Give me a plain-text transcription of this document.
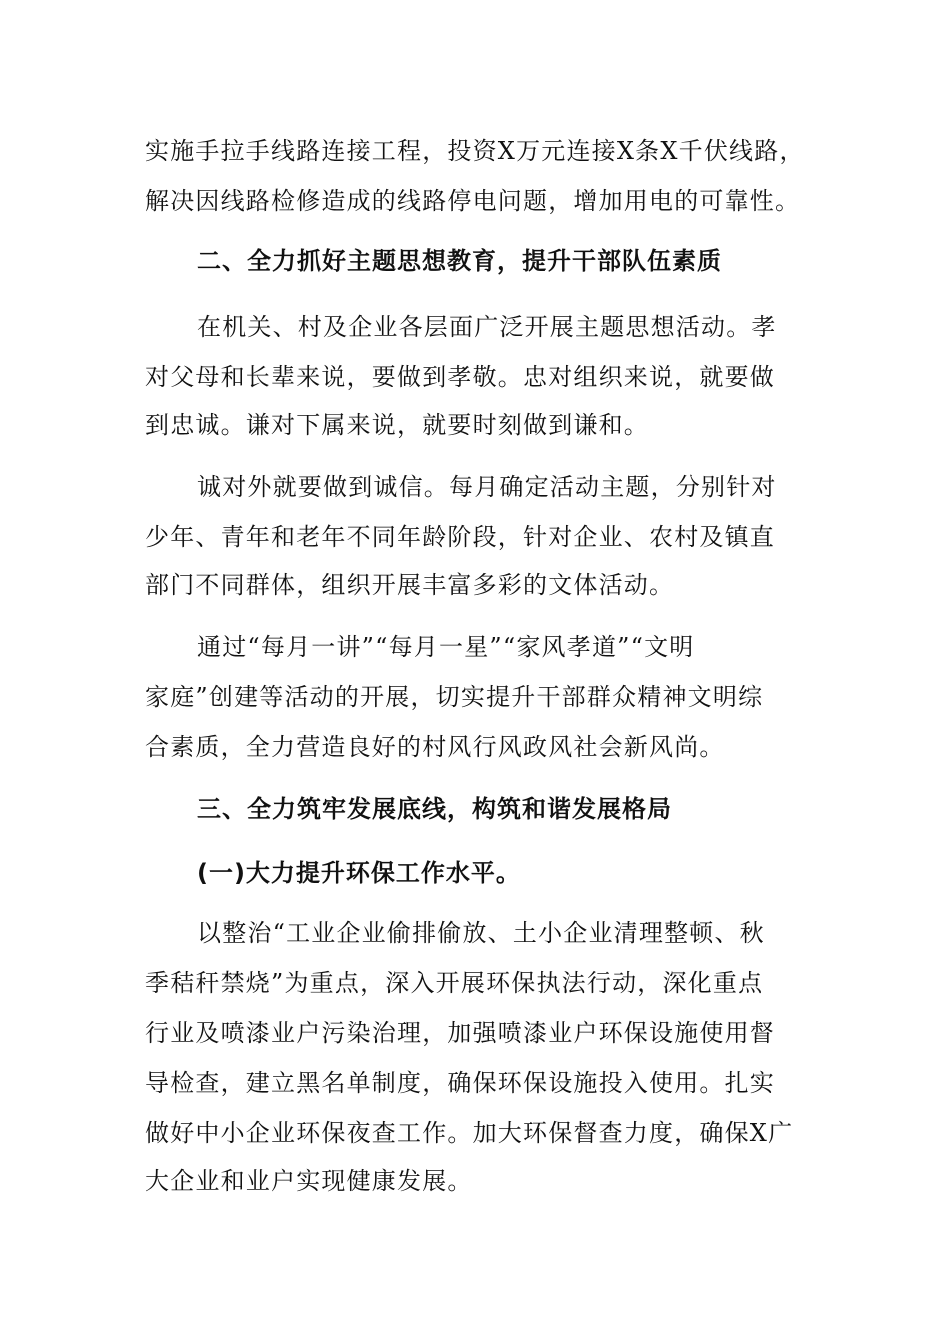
实施手拉手线路连接工程，投资X万元连接X条X千伏线路，

解决因线路检修造成的线路停电问题，增加用电的可靠性。

二、全力抓好主题思想教育，提升干部队伍素质

在机关、村及企业各层面广泛开展主题思想活动。孝

对父母和长辈来说，要做到孝敬。忠对组织来说，就要做

到忠诚。谦对下属来说，就要时刻做到谦和。

诚对外就要做到诚信。每月确定活动主题，分别针对

少年、青年和老年不同年龄阶段，针对企业、农村及镇直

部门不同群体，组织开展丰富多彩的文体活动。

通过“每月一讲”“每月一星”“家风孝道”“文明

家庭”创建等活动的开展，切实提升干部群众精神文明综

合素质，全力营造良好的村风行风政风社会新风尚。

三、全力筑牢发展底线，构筑和谐发展格局

(一)大力提升环保工作水平。

以整治“工业企业偷排偷放、土小企业清理整顿、秋

季秸秆禁烧”为重点，深入开展环保执法行动，深化重点

行业及喷漆业户污染治理，加强喷漆业户环保设施使用督

导检查，建立黑名单制度，确保环保设施投入使用。扎实

做好中小企业环保夜查工作。加大环保督查力度，确保X广

大企业和业户实现健康发展。
